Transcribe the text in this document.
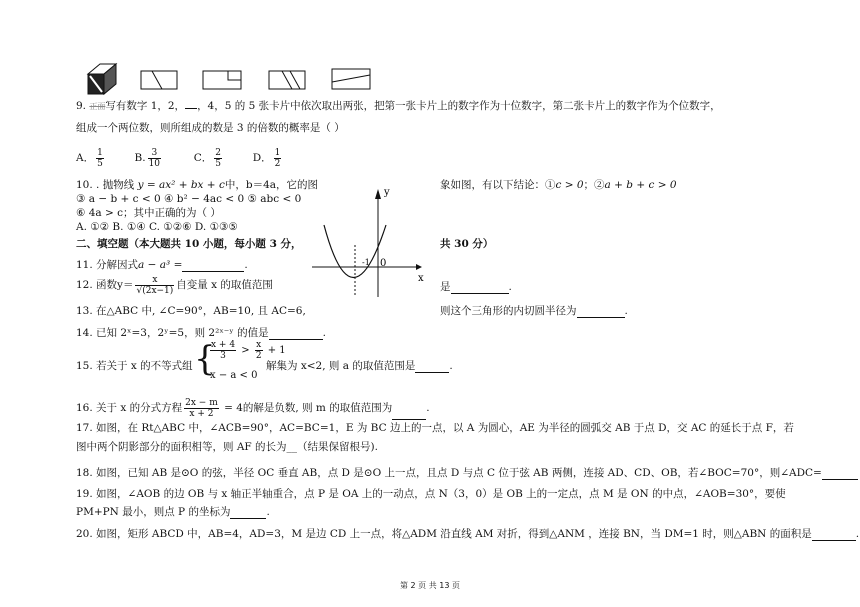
9. 正面写有数字 1，2， ，4，5 的 5 张卡片中依次取出两张，把第一张卡片上的数字作为十位数字，第二张卡片上的数字作为个位数字，
组成一个两位数，则所组成的数是 3 的倍数的概率是（ ）
A． $\frac{1}{5}$	B. $\frac{3}{10}$	C． $\frac{2}{5}$	D． $\frac{1}{2}$
10. . 抛物线 y = ax² + bx + c中，b＝4a，它的图	象如图，有以下结论：①c > 0；②a + b + c > 0
③ a − b + c < 0 ④ b² − 4ac < 0 ⑤ abc < 0
⑥ 4a > c；其中正确的为（ ）
A. ①② B. ①④ C. ①②⑥ D. ①③⑤
y
x
0
-1
二、填空题（本大题共 10 小题，每小题 3 分，	共 30 分）
11. 分解因式a − a³ =	.
12. 函数$y= \frac{x}{√(2x-1)}$ 自变量 x 的取值范围	是	.
13. 在△ABC 中, ∠C=90°，AB=10, 且 AC=6,	则这个三角形的内切圆半径为	.
14. 已知 2ˣ=3，2ʸ=5，则 2²ˣ⁻ʸ 的值是	.
15. 若关于 x 的不等式组 {
$\frac{x + 4}{3} > \frac{x}{2} + 1$
x − a < 0
解集为 x<2, 则 a 的取值范围是	.
16. 关于 x 的分式方程 $\frac{2x - m}{x + 2} = 4$的解是负数, 则 m 的取值范围为	.
17. 如图，在 Rt△ABC 中，∠ACB=90°，AC=BC=1，E 为 BC 边上的一点，以 A 为圆心，AE 为半径的圆弧交 AB 于点 D，交 AC 的延长于点 F，若
图中两个阴影部分的面积相等，则 AF 的长为__（结果保留根号).
18. 如图，已知 AB 是⊙O 的弦，半径 OC 垂直 AB，点 D 是⊙O 上一点，且点 D 与点 C 位于弦 AB 两侧，连接 AD、CD、OB，若∠BOC=70°，则∠ADC=
19. 如图，∠AOB 的边 OB 与 x 轴正半轴重合，点 P 是 OA 上的一动点，点 N（3，0）是 OB 上的一定点，点 M 是 ON 的中点，∠AOB=30°，要使
PM+PN 最小，则点 P 的坐标为	.
20. 如图，矩形 ABCD 中，AB=4，AD=3，M 是边 CD 上一点，将△ADM 沿直线 AM 对折，得到△ANM ，连接 BN，当 DM=1 时，则△ABN 的面积是	.
第 2 页 共 13 页
